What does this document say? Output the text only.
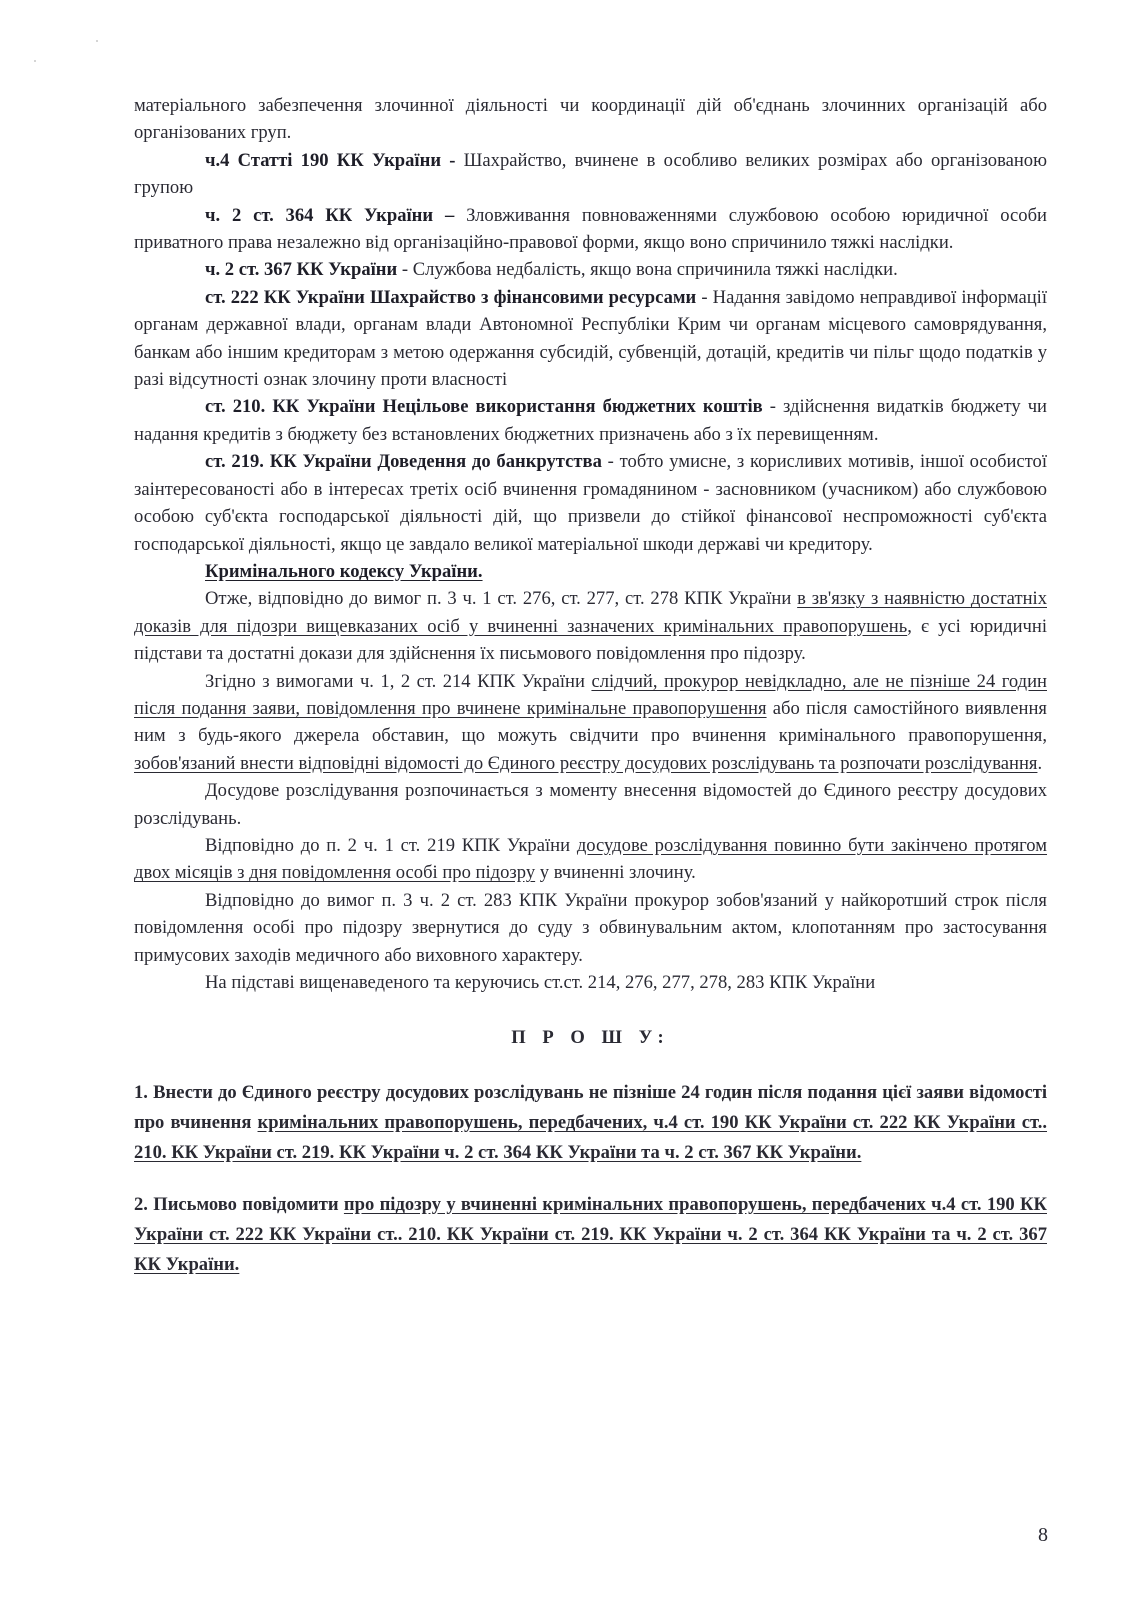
матеріального забезпечення злочинної діяльності чи координації дій об'єднань злочинних організацій або організованих груп.

ч.4 Статті 190 КК України - Шахрайство, вчинене в особливо великих розмірах або організованою групою

ч. 2 ст. 364 КК України – Зловживання повноваженнями службовою особою юридичної особи приватного права незалежно від організаційно-правової форми, якщо воно спричинило тяжкі наслідки.

ч. 2 ст. 367 КК України - Службова недбалість, якщо вона спричинила тяжкі наслідки.

ст. 222 КК України Шахрайство з фінансовими ресурсами - Надання завідомо неправдивої інформації органам державної влади, органам влади Автономної Республіки Крим чи органам місцевого самоврядування, банкам або іншим кредиторам з метою одержання субсидій, субвенцій, дотацій, кредитів чи пільг щодо податків у разі відсутності ознак злочину проти власності

ст. 210. КК України Нецільове використання бюджетних коштів - здійснення видатків бюджету чи надання кредитів з бюджету без встановлених бюджетних призначень або з їх перевищенням.

ст. 219. КК України Доведення до банкрутства - тобто умисне, з корисливих мотивів, іншої особистої заінтересованості або в інтересах третіх осіб вчинення громадянином - засновником (учасником) або службовою особою суб'єкта господарської діяльності дій, що призвели до стійкої фінансової неспроможності суб'єкта господарської діяльності, якщо це завдало великої матеріальної шкоди державі чи кредитору.

Кримінального кодексу України.

Отже, відповідно до вимог п. 3 ч. 1 ст. 276, ст. 277, ст. 278 КПК України в зв'язку з наявністю достатніх доказів для підозри вищевказаних осіб у вчиненні зазначених кримінальних правопорушень, є усі юридичні підстави та достатні докази для здійснення їх письмового повідомлення про підозру.

Згідно з вимогами ч. 1, 2 ст. 214 КПК України слідчий, прокурор невідкладно, але не пізніше 24 годин після подання заяви, повідомлення про вчинене кримінальне правопорушення або після самостійного виявлення ним з будь-якого джерела обставин, що можуть свідчити про вчинення кримінального правопорушення, зобов'язаний внести відповідні відомості до Єдиного реєстру досудових розслідувань та розпочати розслідування.

Досудове розслідування розпочинається з моменту внесення відомостей до Єдиного реєстру досудових розслідувань.

Відповідно до п. 2 ч. 1 ст. 219 КПК України досудове розслідування повинно бути закінчено протягом двох місяців з дня повідомлення особі про підозру у вчиненні злочину.

Відповідно до вимог п. 3 ч. 2 ст. 283 КПК України прокурор зобов'язаний у найкоротший строк після повідомлення особі про підозру звернутися до суду з обвинувальним актом, клопотанням про застосування примусових заходів медичного або виховного характеру.

На підставі вищенаведеного та керуючись ст.ст. 214, 276, 277, 278, 283 КПК України

П Р О Ш У:

1. Внести до Єдиного реєстру досудових розслідувань не пізніше 24 годин після подання цієї заяви відомості про вчинення кримінальних правопорушень, передбачених, ч.4 ст. 190 КК України ст. 222 КК України ст.. 210. КК України ст. 219. КК України ч. 2 ст. 364 КК України та ч. 2 ст. 367 КК України.

2. Письмово повідомити про підозру у вчиненні кримінальних правопорушень, передбачених ч.4 ст. 190 КК України ст. 222 КК України ст.. 210. КК України ст. 219. КК України ч. 2 ст. 364 КК України та ч. 2 ст. 367 КК України.

8
